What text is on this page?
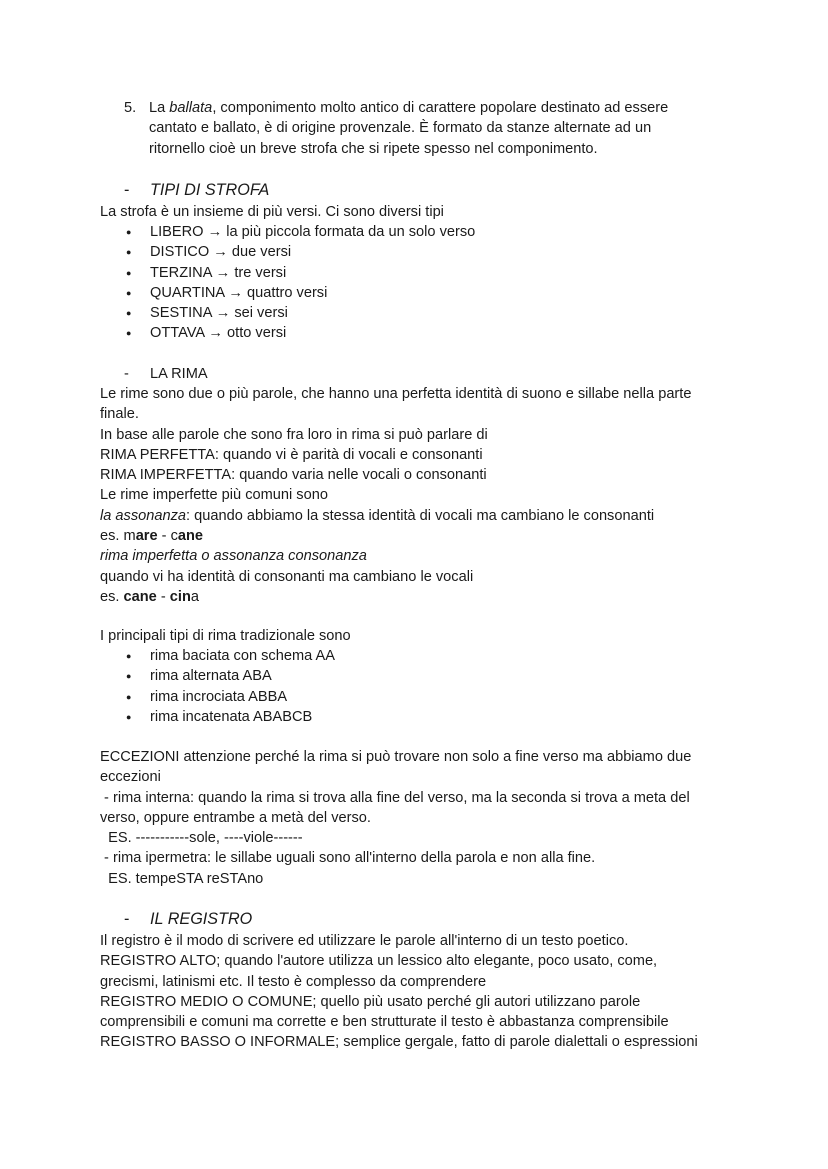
5. La ballata, componimento molto antico di carattere popolare destinato ad essere
cantato e ballato, è di origine provenzale. È formato da stanze alternate ad un
ritornello cioè un breve strofa che si ripete spesso nel componimento.
- TIPI DI STROFA
La strofa è un insieme di più versi. Ci sono diversi tipi
● LIBERO → la più piccola formata da un solo verso
● DISTICO → due versi
● TERZINA → tre versi
● QUARTINA → quattro versi
● SESTINA → sei versi
● OTTAVA → otto versi
- LA RIMA
Le rime sono due o più parole, che hanno una perfetta identità di suono e sillabe nella parte
finale.
In base alle parole che sono fra loro in rima si può parlare di
RIMA PERFETTA: quando vi è parità di vocali e consonanti
RIMA IMPERFETTA: quando varia nelle vocali o consonanti
Le rime imperfette più comuni sono
la assonanza: quando abbiamo la stessa identità di vocali ma cambiano le consonanti
es. mare - cane
rima imperfetta o assonanza consonanza
quando vi ha identità di consonanti ma cambiano le vocali
es. cane - cina
I principali tipi di rima tradizionale sono
● rima baciata con schema AA
● rima alternata ABA
● rima incrociata ABBA
● rima incatenata ABABCB
ECCEZIONI attenzione perché la rima si può trovare non solo a fine verso ma abbiamo due
eccezioni
- rima interna: quando la rima si trova alla fine del verso, ma la seconda si trova a meta del
verso, oppure entrambe a metà del verso.
ES. -----------sole, ----viole------
- rima ipermetra: le sillabe uguali sono all'interno della parola e non alla fine.
ES. tempeSTA reSTAno
- IL REGISTRO
Il registro è il modo di scrivere ed utilizzare le parole all'interno di un testo poetico.
REGISTRO ALTO; quando l'autore utilizza un lessico alto elegante, poco usato, come,
grecismi, latinismi etc. Il testo è complesso da comprendere
REGISTRO MEDIO O COMUNE; quello più usato perché gli autori utilizzano parole
comprensibili e comuni ma corrette e ben strutturate il testo è abbastanza comprensibile
REGISTRO BASSO O INFORMALE; semplice gergale, fatto di parole dialettali o espressioni
